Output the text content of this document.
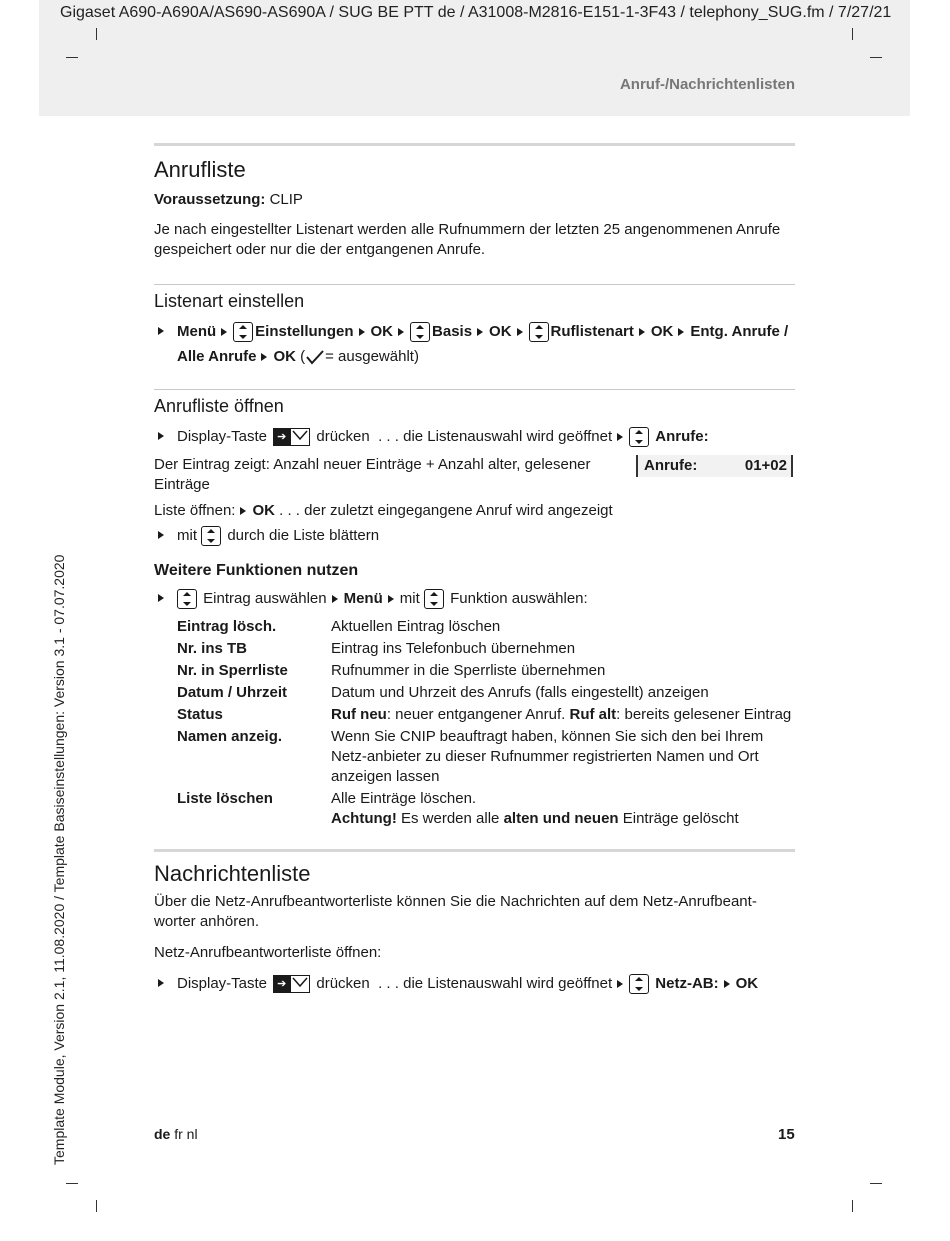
Gigaset A690-A690A/AS690-AS690A / SUG BE PTT de / A31008-M2816-E151-1-3F43 / telephony_SUG.fm / 7/27/21
Anruf-/Nachrichtenlisten
Template Module, Version 2.1, 11.08.2020 / Template Basiseinstellungen: Version 3.1 - 07.07.2020
Anrufliste

Voraussetzung: CLIP

Je nach eingestellter Listenart werden alle Rufnummern der letzten 25 angenommenen Anrufe gespeichert oder nur die der entgangenen Anrufe.

Listenart einstellen
Menü	Einstellungen OK	Basis OK	Ruflistenart OK Entg. Anrufe / Alle Anrufe OK ( = ausgewählt)
Anrufliste öffnen
Display-Taste ➔ drücken . . . die Listenauswahl wird geöffnet	Anrufe:

Der Eintrag zeigt: Anzahl neuer Einträge + Anzahl alter, gelesener Einträge

Anrufe:	01+02

Liste öffnen: OK . . . der zuletzt eingegangene Anruf wird angezeigt

mit durch die Liste blättern
Weitere Funktionen nutzen
Eintrag auswählen Menü mit Funktion auswählen:
Eintrag lösch.	Aktuellen Eintrag löschen
Nr. ins TB	Eintrag ins Telefonbuch übernehmen
Nr. in Sperrliste	Rufnummer in die Sperrliste übernehmen
Datum / Uhrzeit	Datum und Uhrzeit des Anrufs (falls eingestellt) anzeigen
Status	Ruf neu: neuer entgangener Anruf. Ruf alt: bereits gelesener Eintrag
Namen anzeig.	Wenn Sie CNIP beauftragt haben, können Sie sich den bei Ihrem Netz-anbieter zu dieser Rufnummer registrierten Namen und Ort anzeigen lassen
Liste löschen	Alle Einträge löschen.
Achtung! Es werden alle alten und neuen Einträge gelöscht
Nachrichtenliste

Über die Netz-Anrufbeantworterliste können Sie die Nachrichten auf dem Netz-Anrufbeant-worter anhören.

Netz-Anrufbeantworterliste öffnen:

Display-Taste ➔ drücken . . . die Listenauswahl wird geöffnet	Netz-AB: OK
de fr nl	15
